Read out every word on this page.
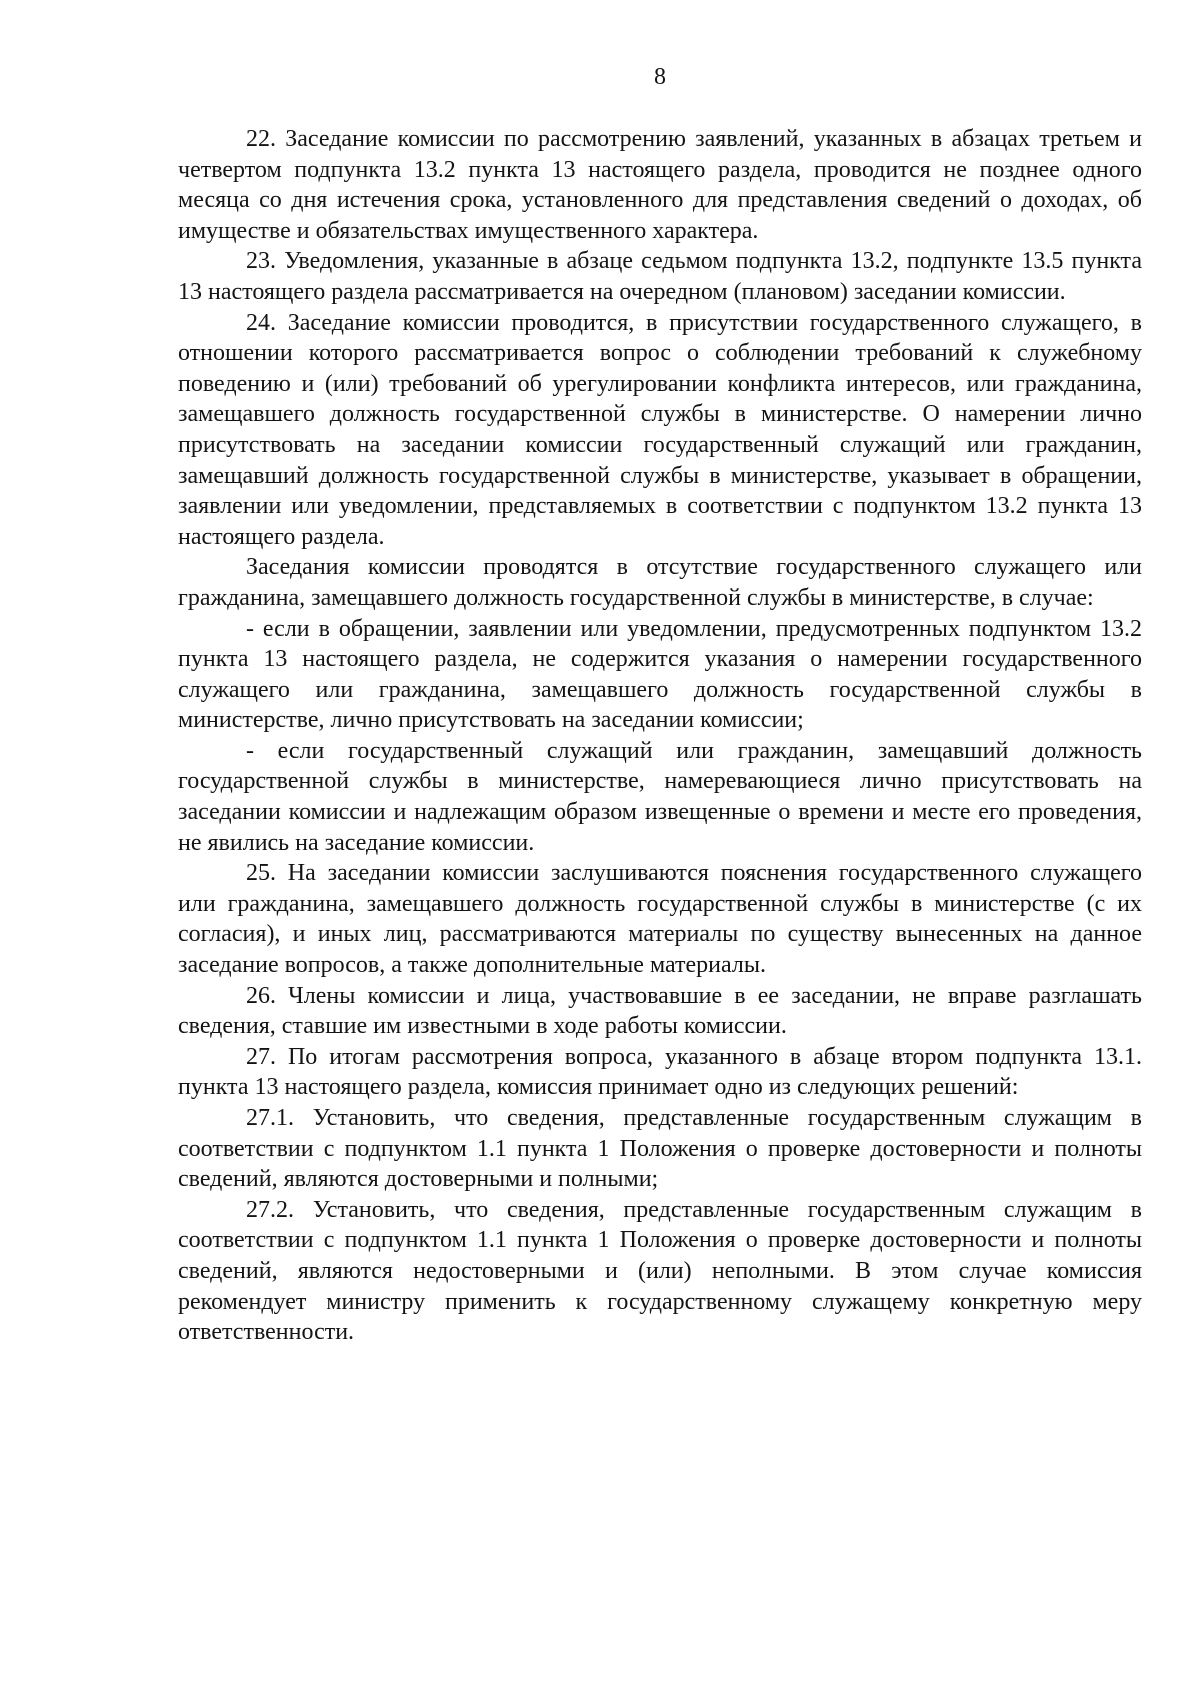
8

22. Заседание комиссии по рассмотрению заявлений, указанных в абзацах третьем и четвертом подпункта 13.2 пункта 13 настоящего раздела, проводится не позднее одного месяца со дня истечения срока, установленного для представления сведений о доходах, об имуществе и обязательствах имущественного характера.

23. Уведомления, указанные в абзаце седьмом подпункта 13.2, подпункте 13.5 пункта 13 настоящего раздела рассматривается на очередном (плановом) заседании комиссии.

24. Заседание комиссии проводится, в присутствии государственного служащего, в отношении которого рассматривается вопрос о соблюдении требований к служебному поведению и (или) требований об урегулировании конфликта интересов, или гражданина, замещавшего должность государственной службы в министерстве. О намерении лично присутствовать на заседании комиссии государственный служащий или гражданин, замещавший должность государственной службы в министерстве, указывает в обращении, заявлении или уведомлении, представляемых в соответствии с подпунктом 13.2 пункта 13 настоящего раздела.

Заседания комиссии проводятся в отсутствие государственного служащего или гражданина, замещавшего должность государственной службы в министерстве, в случае:

- если в обращении, заявлении или уведомлении, предусмотренных подпунктом 13.2 пункта 13 настоящего раздела, не содержится указания о намерении государственного служащего или гражданина, замещавшего должность государственной службы в министерстве, лично присутствовать на заседании комиссии;

- если государственный служащий или гражданин, замещавший должность государственной службы в министерстве, намеревающиеся лично присутствовать на заседании комиссии и надлежащим образом извещенные о времени и месте его проведения, не явились на заседание комиссии.

25. На заседании комиссии заслушиваются пояснения государственного служащего или гражданина, замещавшего должность государственной службы в министерстве (с их согласия), и иных лиц, рассматриваются материалы по существу вынесенных на данное заседание вопросов, а также дополнительные материалы.

26. Члены комиссии и лица, участвовавшие в ее заседании, не вправе разглашать сведения, ставшие им известными в ходе работы комиссии.

27. По итогам рассмотрения вопроса, указанного в абзаце втором подпункта 13.1. пункта 13 настоящего раздела, комиссия принимает одно из следующих решений:

27.1. Установить, что сведения, представленные государственным служащим в соответствии с подпунктом 1.1 пункта 1 Положения о проверке достоверности и полноты сведений, являются достоверными и полными;

27.2. Установить, что сведения, представленные государственным служащим в соответствии с подпунктом 1.1 пункта 1 Положения о проверке достоверности и полноты сведений, являются недостоверными и (или) неполными. В этом случае комиссия рекомендует министру применить к государственному служащему конкретную меру ответственности.
